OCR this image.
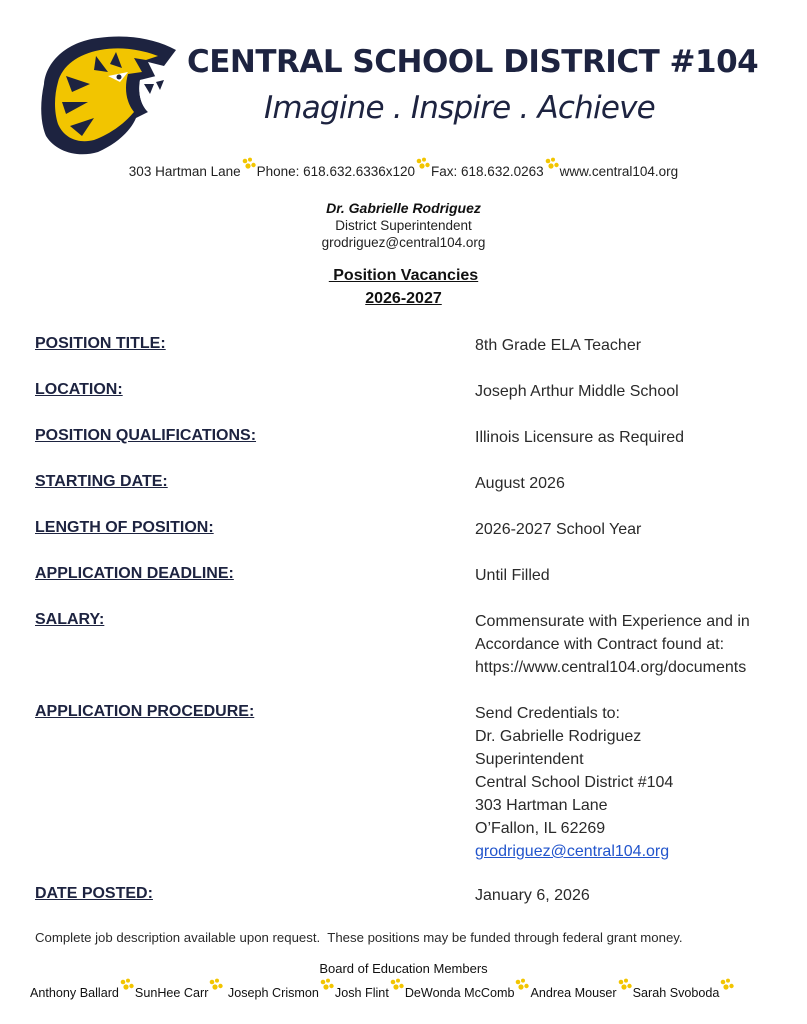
CENTRAL SCHOOL DISTRICT #104
Imagine . Inspire . Achieve
303 Hartman Lane Phone: 618.632.6336x120 Fax: 618.632.0263 www.central104.org
Dr. Gabrielle Rodriguez
District Superintendent
grodriguez@central104.org
Position Vacancies
2026-2027
POSITION TITLE:	8th Grade ELA Teacher
LOCATION:	Joseph Arthur Middle School
POSITION QUALIFICATIONS:	Illinois Licensure as Required
STARTING DATE:	August 2026
LENGTH OF POSITION:	2026-2027 School Year
APPLICATION DEADLINE:	Until Filled
SALARY:	Commensurate with Experience and in
Accordance with Contract found at:
https://www.central104.org/documents
APPLICATION PROCEDURE:	Send Credentials to:
Dr. Gabrielle Rodriguez
Superintendent
Central School District #104
303 Hartman Lane
O’Fallon, IL 62269
grodriguez@central104.org
DATE POSTED:	January 6, 2026
Complete job description available upon request.  These positions may be funded through federal grant money.
Board of Education Members
Anthony Ballard SunHee Carr Joseph Crismon Josh Flint DeWonda McComb Andrea Mouser Sarah Svoboda
